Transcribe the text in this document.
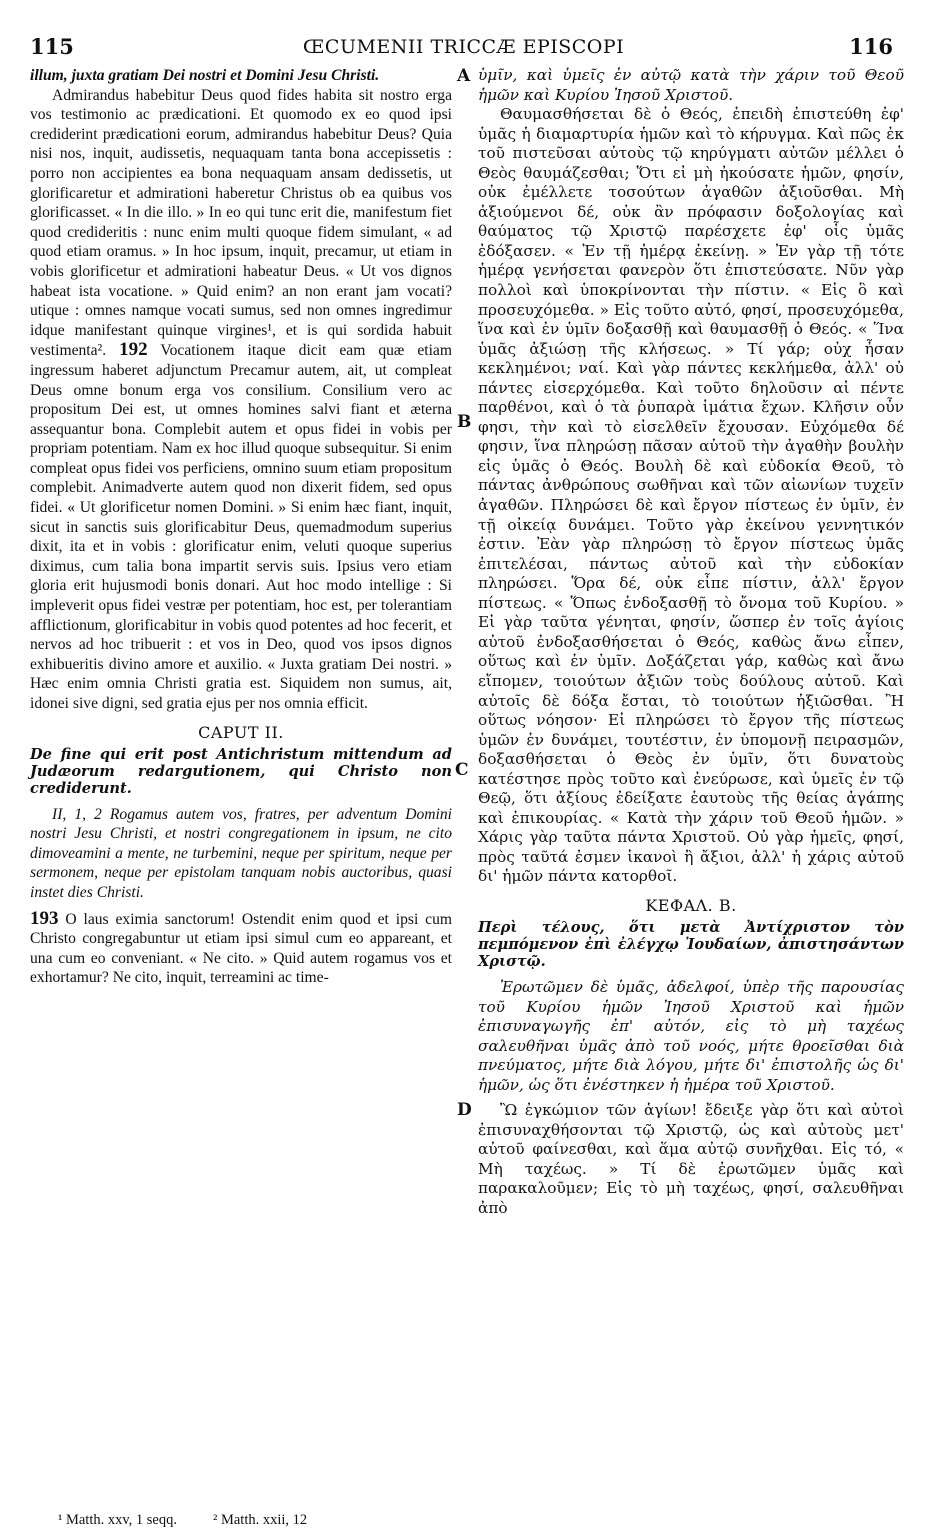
115	ŒCUMENII TRICCÆ EPISCOPI	116
A
B
C
D

illum, juxta gratiam Dei nostri et Domini Jesu Christi.

Admirandus habebitur Deus quod fides habita sit nostro erga vos testimonio ac prædicationi. Et quomodo ex eo quod ipsi crediderint prædicationi eorum, admirandus habebitur Deus? Quia nisi nos, inquit, audissetis, nequaquam tanta bona accepissetis : porro non accipientes ea bona nequaquam ansam dedissetis, ut glorificaretur et admirationi haberetur Christus ob ea quibus vos glorificasset. « In die illo. » In eo qui tunc erit die, manifestum fiet quod credideritis : nunc enim multi quoque fidem simulant, « ad quod etiam oramus. » In hoc ipsum, inquit, precamur, ut etiam in vobis glorificetur et admirationi habeatur Deus. « Ut vos dignos habeat ista vocatione. » Quid enim? an non erant jam vocati? utique : omnes namque vocati sumus, sed non omnes ingredimur idque manifestant quinque virgines¹, et is qui sordida habuit vestimenta². 192 Vocationem itaque dicit eam quæ etiam ingressum haberet adjunctum Precamur autem, ait, ut compleat Deus omne bonum erga vos consilium. Consilium vero ac propositum Dei est, ut omnes homines salvi fiant et æterna assequantur bona. Complebit autem et opus fidei in vobis per propriam potentiam. Nam ex hoc illud quoque subsequitur. Si enim compleat opus fidei vos perficiens, omnino suum etiam propositum complebit. Animadverte autem quod non dixerit fidem, sed opus fidei. « Ut glorificetur nomen Domini. » Si enim hæc fiant, inquit, sicut in sanctis suis glorificabitur Deus, quemadmodum superius dixit, ita et in vobis : glorificatur enim, veluti quoque superius diximus, cum talia bona impartit servis suis. Ipsius vero etiam gloria erit hujusmodi bonis donari. Aut hoc modo intellige : Si impleverit opus fidei vestræ per potentiam, hoc est, per tolerantiam afflictionum, glorificabitur in vobis quod potentes ad hoc fecerit, et nervos ad hoc tribuerit : et vos in Deo, quod vos ipsos dignos exhibueritis divino amore et auxilio. « Juxta gratiam Dei nostri. » Hæc enim omnia Christi gratia est. Siquidem non sumus, ait, idonei sive digni, sed gratia ejus per nos omnia efficit.

CAPUT II.

De fine qui erit post Antichristum mittendum ad Judæorum redargutionem, qui Christo non crediderunt.

II, 1, 2 Rogamus autem vos, fratres, per adventum Domini nostri Jesu Christi, et nostri congregationem in ipsum, ne cito dimoveamini a mente, ne turbemini, neque per spiritum, neque per sermonem, neque per epistolam tanquam nobis auctoribus, quasi instet dies Christi.

193 O laus eximia sanctorum! Ostendit enim quod et ipsi cum Christo congregabuntur ut etiam ipsi simul cum eo appareant, et una cum eo conveniant. « Ne cito. » Quid autem rogamus vos et exhortamur? Ne cito, inquit, terreamini ac time-

ὑμῖν, καὶ ὑμεῖς ἐν αὐτῷ κατὰ τὴν χάριν τοῦ Θεοῦ ἡμῶν καὶ Κυρίου Ἰησοῦ Χριστοῦ.

Θαυμασθήσεται δὲ ὁ Θεός, ἐπειδὴ ἐπιστεύθη ἐφ' ὑμᾶς ἡ διαμαρτυρία ἡμῶν καὶ τὸ κήρυγμα. Καὶ πῶς ἐκ τοῦ πιστεῦσαι αὐτοὺς τῷ κηρύγματι αὐτῶν μέλλει ὁ Θεὸς θαυμάζεσθαι; Ὅτι εἰ μὴ ἠκούσατε ἡμῶν, φησίν, οὐκ ἐμέλλετε τοσούτων ἀγαθῶν ἀξιοῦσθαι. Μὴ ἀξιούμενοι δέ, οὐκ ἂν πρόφασιν δοξολογίας καὶ θαύματος τῷ Χριστῷ παρέσχετε ἐφ' οἷς ὑμᾶς ἐδόξασεν. « Ἐν τῇ ἡμέρᾳ ἐκείνῃ. » Ἐν γὰρ τῇ τότε ἡμέρᾳ γενήσεται φανερὸν ὅτι ἐπιστεύσατε. Νῦν γὰρ πολλοὶ καὶ ὑποκρίνονται τὴν πίστιν. « Εἰς ὃ καὶ προσευχόμεθα. » Εἰς τοῦτο αὐτό, φησί, προσευχόμεθα, ἵνα καὶ ἐν ὑμῖν δοξασθῇ καὶ θαυμασθῇ ὁ Θεός. « Ἵνα ὑμᾶς ἀξιώσῃ τῆς κλήσεως. » Τί γάρ; οὐχ ἦσαν κεκλημένοι; ναί. Καὶ γὰρ πάντες κεκλήμεθα, ἀλλ' οὐ πάντες εἰσερχόμεθα. Καὶ τοῦτο δηλοῦσιν αἱ πέντε παρθένοι, καὶ ὁ τὰ ῥυπαρὰ ἱμάτια ἔχων. Κλῆσιν οὖν φησι, τὴν καὶ τὸ εἰσελθεῖν ἔχουσαν. Εὐχόμεθα δέ φησιν, ἵνα πληρώσῃ πᾶσαν αὐτοῦ τὴν ἀγαθὴν βουλὴν εἰς ὑμᾶς ὁ Θεός. Βουλὴ δὲ καὶ εὐδοκία Θεοῦ, τὸ πάντας ἀνθρώπους σωθῆναι καὶ τῶν αἰωνίων τυχεῖν ἀγαθῶν. Πληρώσει δὲ καὶ ἔργον πίστεως ἐν ὑμῖν, ἐν τῇ οἰκείᾳ δυνάμει. Τοῦτο γὰρ ἐκείνου γεννητικόν ἐστιν. Ἐὰν γὰρ πληρώσῃ τὸ ἔργον πίστεως ὑμᾶς ἐπιτελέσαι, πάντως αὐτοῦ καὶ τὴν εὐδοκίαν πληρώσει. Ὅρα δέ, οὐκ εἶπε πίστιν, ἀλλ' ἔργον πίστεως. « Ὅπως ἐνδοξασθῇ τὸ ὄνομα τοῦ Κυρίου. » Εἰ γὰρ ταῦτα γένηται, φησίν, ὥσπερ ἐν τοῖς ἁγίοις αὐτοῦ ἐνδοξασθήσεται ὁ Θεός, καθὼς ἄνω εἶπεν, οὕτως καὶ ἐν ὑμῖν. Δοξάζεται γάρ, καθὼς καὶ ἄνω εἴπομεν, τοιούτων ἀξιῶν τοὺς δούλους αὐτοῦ. Καὶ αὐτοῖς δὲ δόξα ἔσται, τὸ τοιούτων ἠξιῶσθαι. Ἢ οὕτως νόησον· Εἰ πληρώσει τὸ ἔργον τῆς πίστεως ὑμῶν ἐν δυνάμει, τουτέστιν, ἐν ὑπομονῇ πειρασμῶν, δοξασθήσεται ὁ Θεὸς ἐν ὑμῖν, ὅτι δυνατοὺς κατέστησε πρὸς τοῦτο καὶ ἐνεύρωσε, καὶ ὑμεῖς ἐν τῷ Θεῷ, ὅτι ἀξίους ἐδείξατε ἑαυτοὺς τῆς θείας ἀγάπης καὶ ἐπικουρίας. « Κατὰ τὴν χάριν τοῦ Θεοῦ ἡμῶν. » Χάρις γὰρ ταῦτα πάντα Χριστοῦ. Οὐ γὰρ ἡμεῖς, φησί, πρὸς ταῦτά ἐσμεν ἱκανοὶ ἢ ἄξιοι, ἀλλ' ἡ χάρις αὐτοῦ δι' ἡμῶν πάντα κατορθοῖ.

ΚΕΦΑΛ. Β.

Περὶ τέλους, ὅτι μετὰ Ἀντίχριστον τὸν πεμπόμενον ἐπὶ ἐλέγχῳ Ἰουδαίων, ἀπιστησάντων Χριστῷ.

Ἐρωτῶμεν δὲ ὑμᾶς, ἀδελφοί, ὑπὲρ τῆς παρουσίας τοῦ Κυρίου ἡμῶν Ἰησοῦ Χριστοῦ καὶ ἡμῶν ἐπισυναγωγῆς ἐπ' αὐτόν, εἰς τὸ μὴ ταχέως σαλευθῆναι ὑμᾶς ἀπὸ τοῦ νοός, μήτε θροεῖσθαι διὰ πνεύματος, μήτε διὰ λόγου, μήτε δι' ἐπιστολῆς ὡς δι' ἡμῶν, ὡς ὅτι ἐνέστηκεν ἡ ἡμέρα τοῦ Χριστοῦ.

Ὢ ἐγκώμιον τῶν ἁγίων! ἔδειξε γὰρ ὅτι καὶ αὐτοὶ ἐπισυναχθήσονται τῷ Χριστῷ, ὡς καὶ αὐτοὺς μετ' αὐτοῦ φαίνεσθαι, καὶ ἅμα αὐτῷ συνῆχθαι. Εἰς τό, « Μὴ ταχέως. » Τί δὲ ἐρωτῶμεν ὑμᾶς καὶ παρακαλοῦμεν; Εἰς τὸ μὴ ταχέως, φησί, σαλευθῆναι ἀπὸ

¹ Matth. xxv, 1 seqq. ² Matth. xxii, 12
